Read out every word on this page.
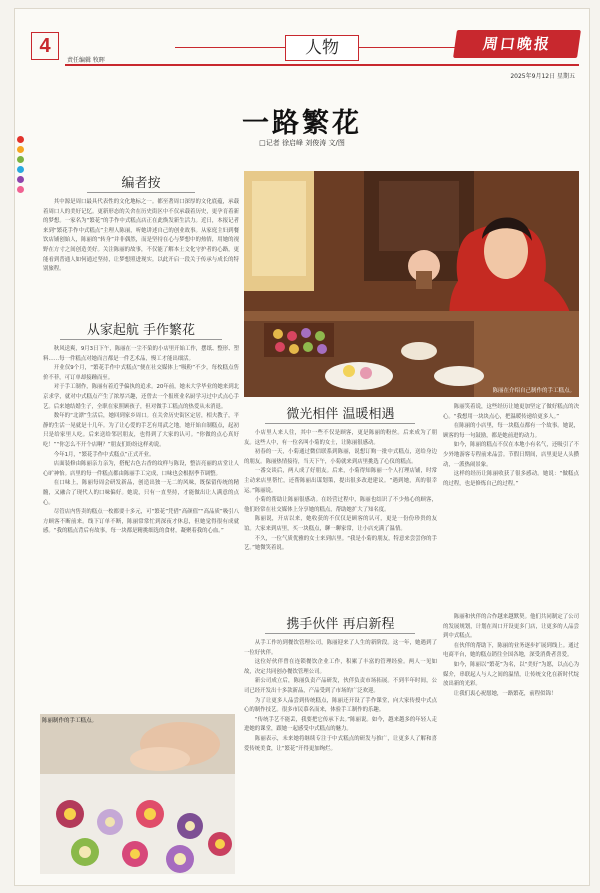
4
责任编辑 牧晖
人物	周口晚报
2025年9月12日 星期五
一路繁花
□记者 徐启峰 刘俊涛 文/图
编者按

其中源是周口最具代表性的文化地标之一。都至著周口深厚的文化底蕴，承载着周口人的美好记忆。更新形态的关舍在历史街区中不仅承载着历史，更孕育着新的梦想。一家名为“繁花”的手作中式糕点店正在此焕发新生活力。近日，本报记者来到“繁花手作中式糕点”主理人陈丽，听她讲述自己的创业故事。从家庭主妇到餐饮店铺创始人，陈丽的“转身”并非偶然，而是坚持在心与梦想中的热情，用她的视野在方寸之间创造美好。关注陈丽的故事，不仅能了解本土文化守护者的心路，更能看到普通人如何通过坚持，让梦想照进现实。以此开启一段关于传承与成长的特别旅程。

从家起航 手作繁花

秋风送爽，9月3日下午，陈丽在一尘不染的小店里开始工作，摆纸、整形、塑料……每一件糕点对她而言都是一件艺术品，慢工才能出细活。

开业仅9个月，“繁花手作中式糕点”便在社交媒体上“吸粉”不少，每枚糕点售价不菲，可订单却接踵而至。

对于手工制作，陈丽有着近乎偏执的追求。20年前，她未大学毕业的她来到北京求学，就对中式糕点产生了浓厚兴趣，还曾去一个报班业名厨学习过中式点心手艺。后来她结婚生子，全职在家照顾孩子，但对做手工糕点的热爱从未消退。

数年的“北漂”生活后，她回到家乡周口。在关舍历史街区定居，相夫教子，平静的生活一晃就是十几年。为了让心爱的手艺有用武之地，她开始自制糕点，起初只是给家里人吃。后来送给邻居朋友，也得到了大家的认可。“你做的点心真好吃！”“你怎么不开个店啊？”朋友们纷纷这样劝说。

今年1月，“繁花手作中式糕点”正式开业。

店面装修由陈丽亲力亲为，搭配古色古香的纹样与陈设，整洁亮丽的店堂让人心旷神怡。店里的每一件糕点都由陈丽手工完成，口味也会根据季节调整。

在口味上，陈丽每周会研发新品，创造出独一无二的风味，既保留传统的精髓，又融合了现代人的口味偏好。她说，只有一直坚持，才能做出让人满意的点心。

尽管店内售卖的糕点一枚都要十多元，可“繁花”凭借“高颜值”“高品质”吸引八方顾客不断前来。线下订单不断，陈丽常常忙到深夜才休息，但她觉得很有成就感。“我的糕点背后有故事，每一块都是精挑细选的食材，凝聚着我的心血。”

陈丽制作的手工糕点。
陈丽在介绍自己制作的手工糕点。
微光相伴 温暖相遇

小店里人来人往，其中一些不仅是顾客，更是陈丽的粉丝。后来成为了朋友。这些人中，有一位名叫小菊的女士，让陈丽很感动。

初春的一天，小菊通过微信联系到陈丽，说想订购一批中式糕点，送给身边的朋友。陈丽热情接待，当天下午，小菊就来到店里挑选了心仪的糕点。

一番交谈后，两人成了好朋友。后来，小菊得知陈丽一个人打理店铺，时常主动来店里帮忙，还帮陈丽出谋划策，提出很多改进建议。“遇到她，真的很幸运。”陈丽说。

小菊的帮助让陈丽很感动。在经营过程中，陈丽也结识了不少热心的顾客，他们经常在社交媒体上分享她的糕点，帮助她扩大了知名度。

陈丽说，开店以来，她收获的不仅仅是顾客的认可，更是一份份珍贵的友谊。大家来到店里，买一块糕点，聊一聊家常，让小店充满了温情。

不久，一位气质优雅的女士来到店里。“我是小菊的朋友，特意来尝尝你的手艺。”她微笑着说。

陈丽笑着说，这些经历让她更加坚定了做好糕点的决心。“我想用一块块点心，把温暖传递给更多人。”

在陈丽的小店里，每一块糕点都有一个故事。她说，顾客的每一句鼓励，都是她前进的动力。

如今，陈丽的糕点不仅在本地小有名气，还吸引了不少外地游客专程前来品尝。节假日期间，店里更是人头攒动，一派热闹景象。

这样的经历让陈丽收获了很多感动。她说：“做糕点的过程，也是修炼自己的过程。”

携手伙伴 再启新程

从手工作坊到餐饮管理公司，陈丽迎来了人生的新阶段。这一年，她遇到了一位好伙伴。

这位好伙伴曾在连锁餐饮企业工作，积累了丰富的管理经验。两人一见如故，决定共同创办餐饮管理公司。

新公司成立后，陈丽负责产品研发，伙伴负责市场拓展。不到半年时间，公司已经开发出十多款新品，产品受到了市场的广泛欢迎。

为了让更多人品尝到传统糕点，陈丽还开设了手作课堂，向大家传授中式点心的制作技艺。很多市民慕名而来，体验手工制作的乐趣。

“传统手艺不能丢，我要把它传承下去。”陈丽说。如今，越来越多的年轻人走进她的课堂，跟她一起感受中式糕点的魅力。

陈丽表示，未来她将继续专注于中式糕点的研发与推广，让更多人了解和喜爱传统美食，让“繁花”开得更加绚烂。

陈丽和伙伴的合作越来越默契。他们共同制定了公司的发展规划，计划在周口开设更多门店，让更多的人品尝到中式糕点。

在伙伴的帮助下，陈丽的业务逐步扩展到线上。通过电商平台，她的糕点销往全国各地，深受消费者喜爱。

如今，陈丽以“繁花”为名，以“美好”为愿，以点心为媒介，串联起人与人之间的温情，让传统文化在新时代绽放出新的光彩。

让我们衷心祝愿她，一路繁花，前程似锦！
